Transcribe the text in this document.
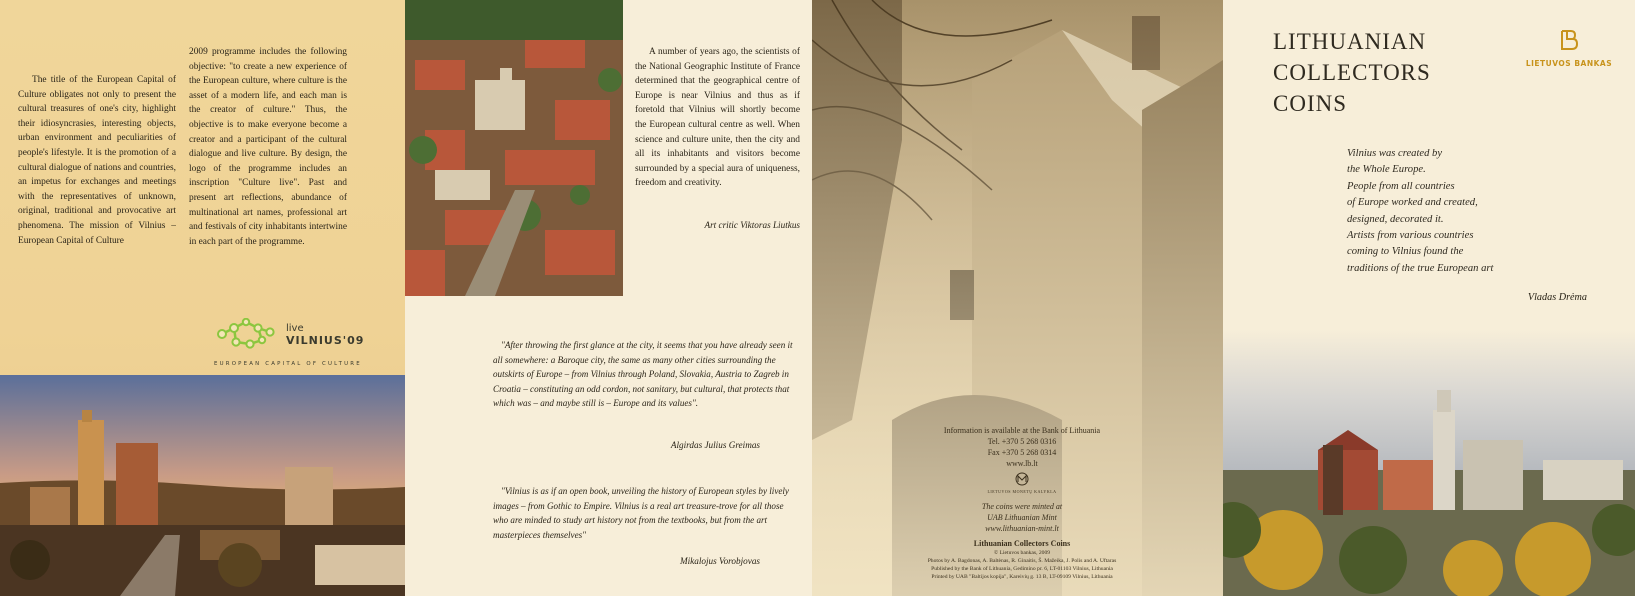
The title of the European Capital of Culture obligates not only to present the cultural treasures of one's city, highlight their idiosyncrasies, interesting objects, urban environment and peculiarities of people's lifestyle. It is the promotion of a cultural dialogue of nations and countries, an impetus for exchanges and meetings with the representatives of unknown, original, traditional and provocative art phenomena. The mission of Vilnius – European Capital of Culture

2009 programme includes the following objective: "to create a new experience of the European culture, where culture is the asset of a modern life, and each man is the creator of culture." Thus, the objective is to make everyone become a creator and a participant of the cultural dialogue and live culture. By design, the logo of the programme includes an inscription "Culture live". Past and present art reflections, abundance of multinational art names, professional art and festivals of city inhabitants intertwine in each part of the programme.

live
VILNIUS'09
EUROPEAN CAPITAL OF CULTURE

A number of years ago, the scientists of the National Geographic Institute of France determined that the geographical centre of Europe is near Vilnius and thus as if foretold that Vilnius will shortly become the European cultural centre as well. When science and culture unite, then the city and all its inhabitants and visitors become surrounded by a special aura of uniqueness, freedom and creativity.

Art critic Viktoras Liutkus

"After throwing the first glance at the city, it seems that you have already seen it all somewhere: a Baroque city, the same as many other cities surrounding the outskirts of Europe – from Vilnius through Poland, Slovakia, Austria to Zagreb in Croatia – constituting an odd cordon, not sanitary, but cultural, that protects that which was – and maybe still is – Europe and its values".

Algirdas Julius Greimas

"Vilnius is as if an open book, unveiling the history of European styles by lively images – from Gothic to Empire. Vilnius is a real art treasure-trove for all those who are minded to study art history not from the textbooks, but from the art masterpieces themselves"

Mikalojus Vorobjovas
Information is available at the Bank of Lithuania
Tel. +370 5 268 0316
Fax +370 5 268 0314
www.lb.lt
LIETUVOS MONETŲ KALYKLA
The coins were minted at
UAB Lithuanian Mint
www.lithuanian-mint.lt
Lithuanian Collectors Coins
© Lietuvos bankas, 2009
Photos by A. Bagdonas, A. Baltėnas, R. Ginaitis, Š. Mažeika, J. Polis and A. Uftaras
Published by the Bank of Lithuania, Gedimino pr. 6, LT-01103 Vilnius, Lithuania
Printed by UAB "Baltijos kopija", Kareivių g. 13 B, LT-09109 Vilnius, Lithuania
LITHUANIAN
COLLECTORS
COINS
LIETUVOS BANKAS
Vilnius was created by
the Whole Europe.
People from all countries
of Europe worked and created,
designed, decorated it.
Artists from various countries
coming to Vilnius found the
traditions of the true European art
Vladas Drėma
